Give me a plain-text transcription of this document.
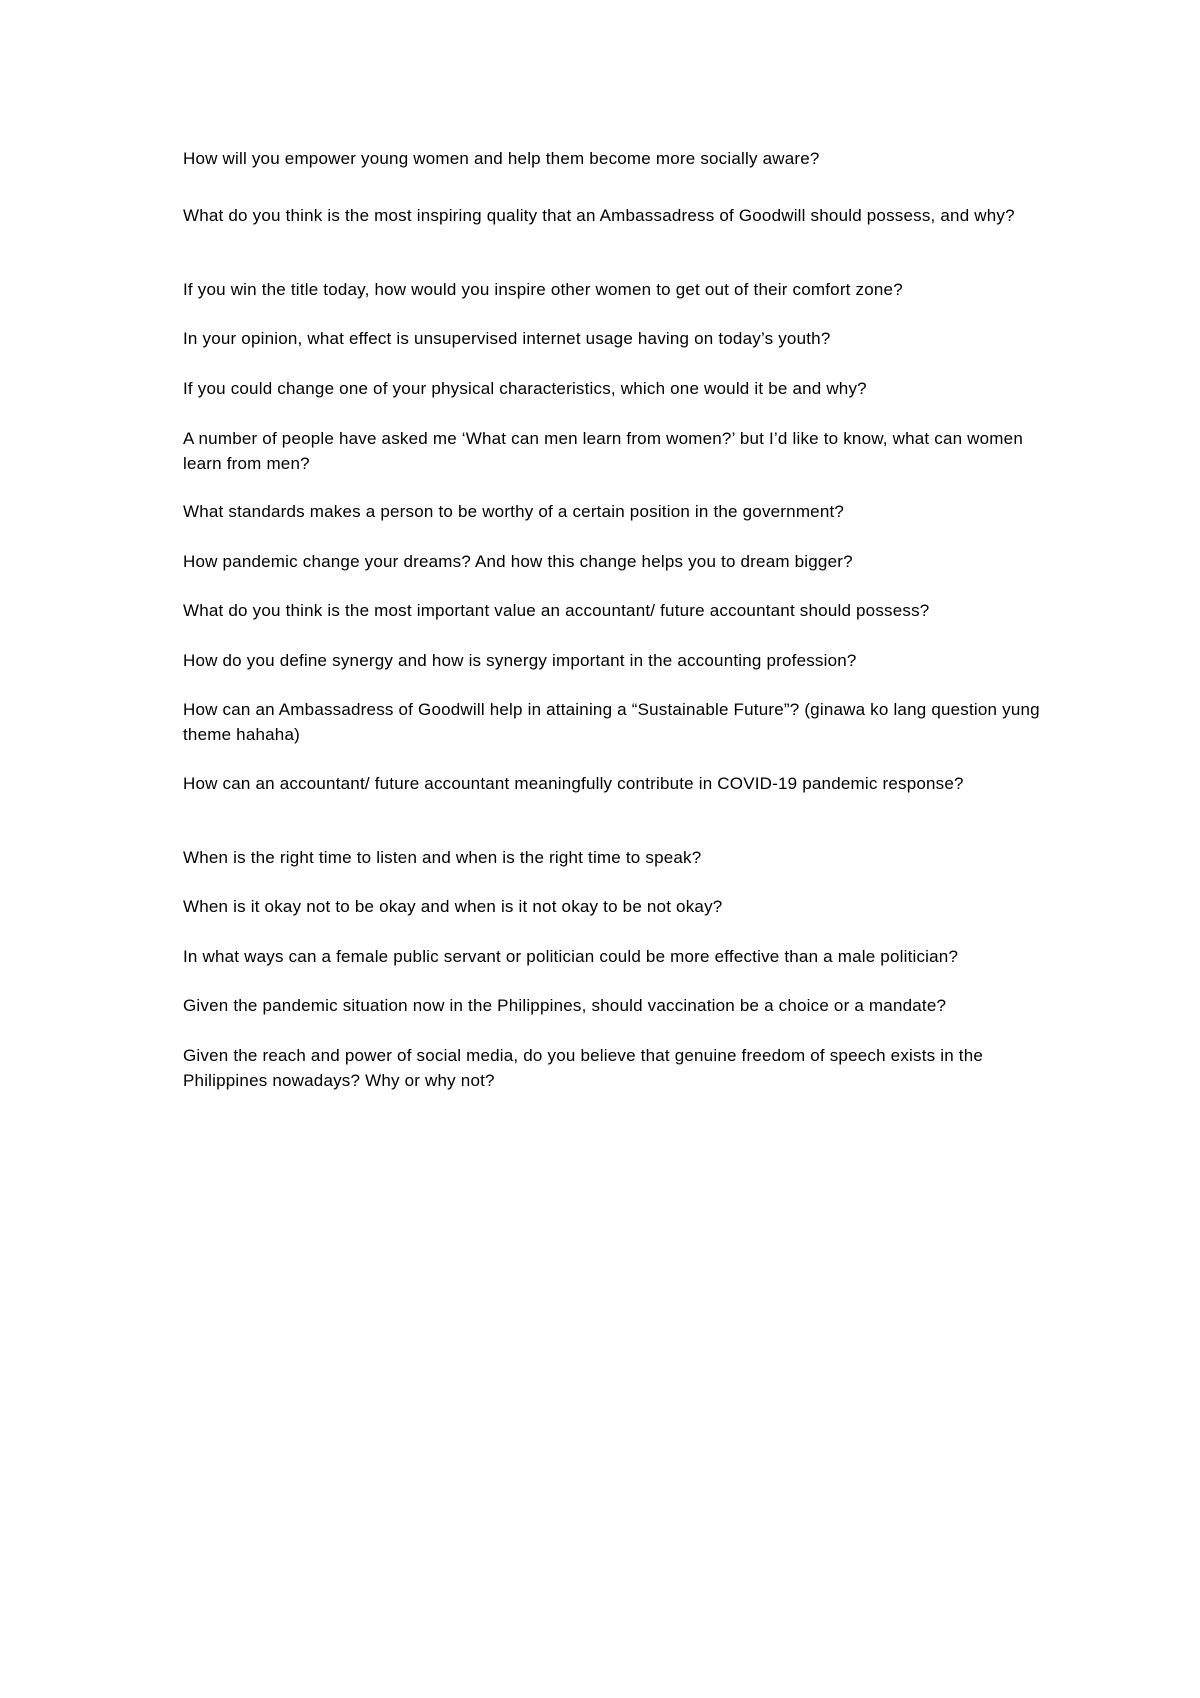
How will you empower young women and help them become more socially aware?
What do you think is the most inspiring quality that an Ambassadress of Goodwill should possess, and why?
If you win the title today, how would you inspire other women to get out of their comfort zone?
In your opinion, what effect is unsupervised internet usage having on today’s youth?
If you could change one of your physical characteristics, which one would it be and why?
A number of people have asked me ‘What can men learn from women?’ but I’d like to know, what can women learn from men?
What standards makes a person to be worthy of a certain position in the government?
How pandemic change your dreams? And how this change helps you to dream bigger?
What do you think is the most important value an accountant/ future accountant should possess?
How do you define synergy and how is synergy important in the accounting profession?
How can an Ambassadress of Goodwill help in attaining a “Sustainable Future”? (ginawa ko lang question yung theme hahaha)
How can an accountant/ future accountant meaningfully contribute in COVID-19 pandemic response?
When is the right time to listen and when is the right time to speak?
When is it okay not to be okay and when is it not okay to be not okay?
In what ways can a female public servant or politician could be more effective than a male politician?
Given the pandemic situation now in the Philippines, should vaccination be a choice or a mandate?
Given the reach and power of social media, do you believe that genuine freedom of speech exists in the Philippines nowadays? Why or why not?
